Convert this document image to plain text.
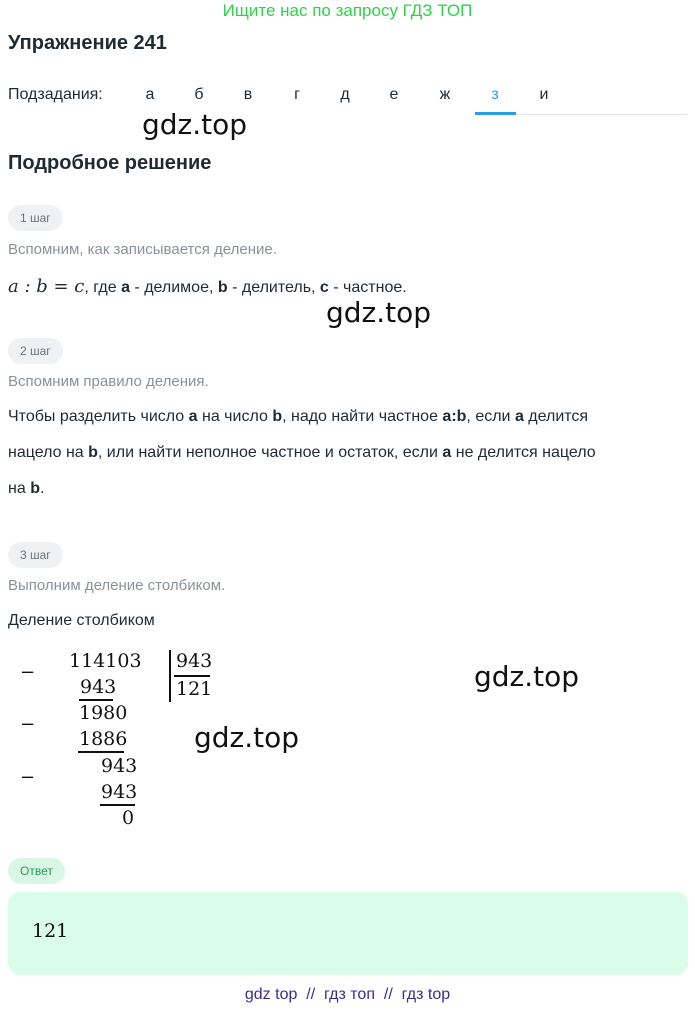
Ищите нас по запросу ГДЗ ТОП
Упражнение 241
Подзадания:	а	б	в	г	д	е	ж	з	и
gdz.top
Подробное решение
1 шаг
Вспомним, как записывается деление.
a : b = c, где a - делимое, b - делитель, c - частное.
gdz.top
2 шаг
Вспомним правило деления.
Чтобы разделить число a на число b, надо найти частное a:b, если a делится
нацело на b, или найти неполное частное и остаток, если a не делится нацело
на b.
3 шаг
Выполним деление столбиком.
Деление столбиком
−
114103 943
121
943
−
1980
1886
−
943
943
0
gdz.top
gdz.top
Ответ
121
gdz top  //  гдз топ  //  гдз top
